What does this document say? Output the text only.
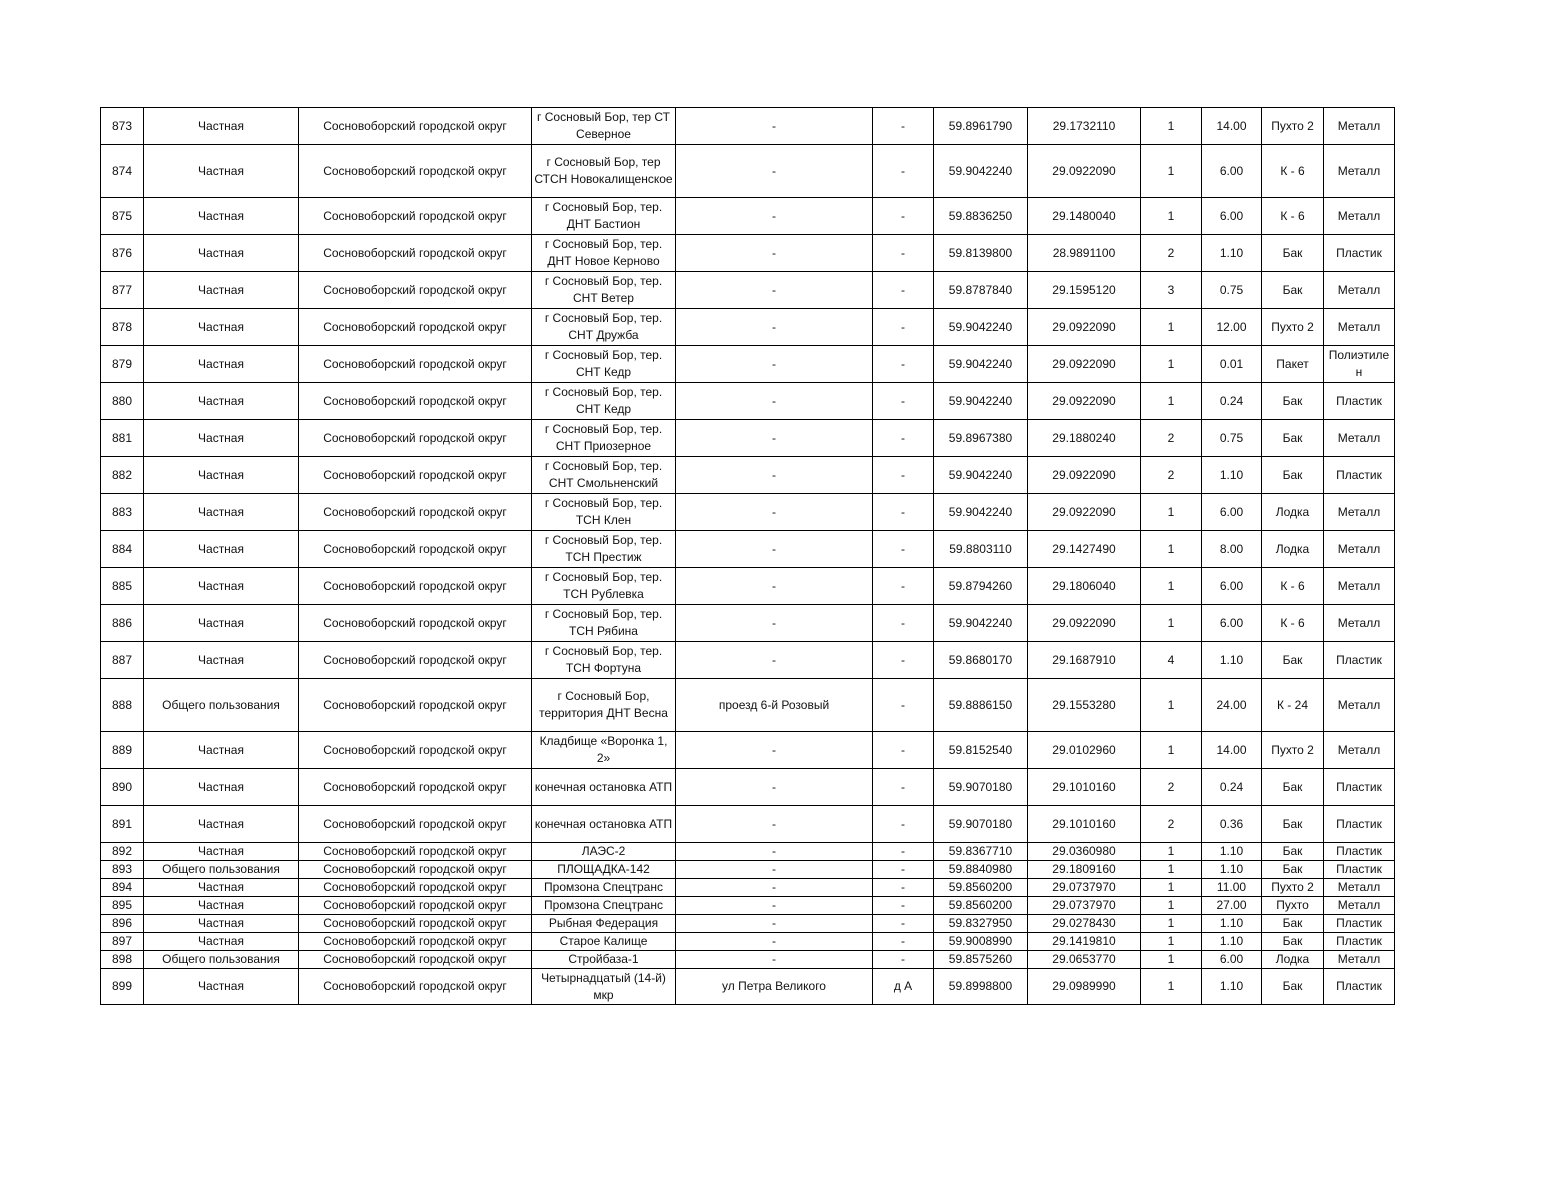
873	Частная	Сосновоборский городской округ	г Сосновый Бор, тер СТ Северное	-	-	59.8961790	29.1732110	1	14.00	Пухто 2	Металл
874	Частная	Сосновоборский городской округ	г Сосновый Бор, тер СТСН Новокалищенское	-	-	59.9042240	29.0922090	1	6.00	К - 6	Металл
875	Частная	Сосновоборский городской округ	г Сосновый Бор, тер. ДНТ Бастион	-	-	59.8836250	29.1480040	1	6.00	К - 6	Металл
876	Частная	Сосновоборский городской округ	г Сосновый Бор, тер. ДНТ Новое Керново	-	-	59.8139800	28.9891100	2	1.10	Бак	Пластик
877	Частная	Сосновоборский городской округ	г Сосновый Бор, тер. СНТ Ветер	-	-	59.8787840	29.1595120	3	0.75	Бак	Металл
878	Частная	Сосновоборский городской округ	г Сосновый Бор, тер. СНТ Дружба	-	-	59.9042240	29.0922090	1	12.00	Пухто 2	Металл
879	Частная	Сосновоборский городской округ	г Сосновый Бор, тер. СНТ Кедр	-	-	59.9042240	29.0922090	1	0.01	Пакет	Полиэтилен
880	Частная	Сосновоборский городской округ	г Сосновый Бор, тер. СНТ Кедр	-	-	59.9042240	29.0922090	1	0.24	Бак	Пластик
881	Частная	Сосновоборский городской округ	г Сосновый Бор, тер. СНТ Приозерное	-	-	59.8967380	29.1880240	2	0.75	Бак	Металл
882	Частная	Сосновоборский городской округ	г Сосновый Бор, тер. СНТ Смольненский	-	-	59.9042240	29.0922090	2	1.10	Бак	Пластик
883	Частная	Сосновоборский городской округ	г Сосновый Бор, тер. ТСН Клен	-	-	59.9042240	29.0922090	1	6.00	Лодка	Металл
884	Частная	Сосновоборский городской округ	г Сосновый Бор, тер. ТСН Престиж	-	-	59.8803110	29.1427490	1	8.00	Лодка	Металл
885	Частная	Сосновоборский городской округ	г Сосновый Бор, тер. ТСН Рублевка	-	-	59.8794260	29.1806040	1	6.00	К - 6	Металл
886	Частная	Сосновоборский городской округ	г Сосновый Бор, тер. ТСН Рябина	-	-	59.9042240	29.0922090	1	6.00	К - 6	Металл
887	Частная	Сосновоборский городской округ	г Сосновый Бор, тер. ТСН Фортуна	-	-	59.8680170	29.1687910	4	1.10	Бак	Пластик
888	Общего пользования	Сосновоборский городской округ	г Сосновый Бор, территория ДНТ Весна	проезд 6-й Розовый	-	59.8886150	29.1553280	1	24.00	К - 24	Металл
889	Частная	Сосновоборский городской округ	Кладбище «Воронка 1, 2»	-	-	59.8152540	29.0102960	1	14.00	Пухто 2	Металл
890	Частная	Сосновоборский городской округ	конечная остановка АТП	-	-	59.9070180	29.1010160	2	0.24	Бак	Пластик
891	Частная	Сосновоборский городской округ	конечная остановка АТП	-	-	59.9070180	29.1010160	2	0.36	Бак	Пластик
892	Частная	Сосновоборский городской округ	ЛАЭС-2	-	-	59.8367710	29.0360980	1	1.10	Бак	Пластик
893	Общего пользования	Сосновоборский городской округ	ПЛОЩАДКА-142	-	-	59.8840980	29.1809160	1	1.10	Бак	Пластик
894	Частная	Сосновоборский городской округ	Промзона Спецтранс	-	-	59.8560200	29.0737970	1	11.00	Пухто 2	Металл
895	Частная	Сосновоборский городской округ	Промзона Спецтранс	-	-	59.8560200	29.0737970	1	27.00	Пухто	Металл
896	Частная	Сосновоборский городской округ	Рыбная Федерация	-	-	59.8327950	29.0278430	1	1.10	Бак	Пластик
897	Частная	Сосновоборский городской округ	Старое Калище	-	-	59.9008990	29.1419810	1	1.10	Бак	Пластик
898	Общего пользования	Сосновоборский городской округ	Стройбаза-1	-	-	59.8575260	29.0653770	1	6.00	Лодка	Металл
899	Частная	Сосновоборский городской округ	Четырнадцатый (14-й) мкр	ул Петра Великого	д А	59.8998800	29.0989990	1	1.10	Бак	Пластик
